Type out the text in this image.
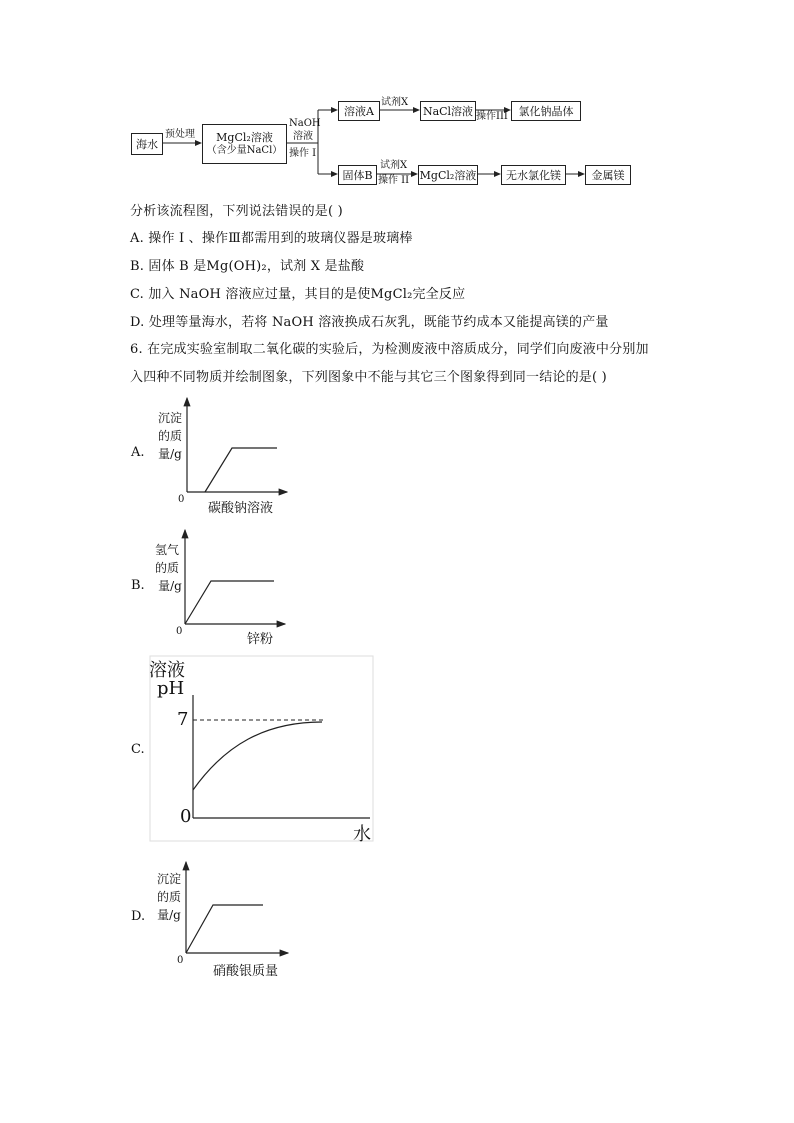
海水
预处理 MgCl₂溶液
（含少量NaCl）
NaOH
溶液
操作 I
溶液A
试剂X
NaCl溶液 操作III 氯化钠晶体
固体B
试剂X
操作 II MgCl₂溶液	无水氯化镁	金属镁
分析该流程图，下列说法错误的是( )
A. 操作 I 、操作Ⅲ都需用到的玻璃仪器是玻璃棒
B. 固体 B 是Mg(OH)₂，试剂 X 是盐酸
C. 加入 NaOH 溶液应过量，其目的是使MgCl₂完全反应
D. 处理等量海水，若将 NaOH 溶液换成石灰乳，既能节约成本又能提高镁的产量
6. 在完成实验室制取二氧化碳的实验后，为检测废液中溶质成分，同学们向废液中分别加
入四种不同物质并绘制图象，下列图象中不能与其它三个图象得到同一结论的是( )
A.
沉淀
的质
量/g
0
碳酸钠溶液
B.
氢气
的质
量/g
0
锌粉
C.
溶液
pH
7
0
水
D.
沉淀
的质
量/g
0
硝酸银质量
